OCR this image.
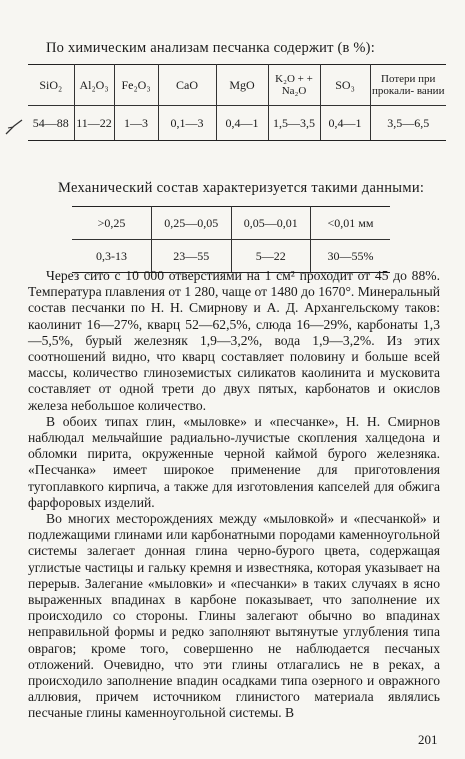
По химическим анализам песчанка содержит (в %):
SiO₂	Al₂O₃	Fe₂O₃	CaO	MgO	K₂O + + Na₂O	SO₃	Потери при прокали- вании
54—88	11—22	1—3	0,1—3	0,4—1	1,5—3,5	0,4—1	3,5—6,5
Механический состав характеризуется такими данными:
>0,25	0,25—0,05	0,05—0,01	<0,01 мм
0,3-13	23—55	5—22	30—55%

Через сито с 10 000 отверстиями на 1 см² проходит от 45 до 88%. Температура плавления от 1 280, чаще от 1480 до 1670°. Минеральный состав песчанки по Н. Н. Смирнову и А. Д. Архангельскому таков: каолинит 16—27%, кварц 52—62,5%, слюда 16—29%, карбонаты 1,3—5,5%, бурый железняк 1,9—3,2%, вода 1,9—3,2%. Из этих соотношений видно, что кварц составляет половину и больше всей массы, количество глиноземистых силикатов каолинита и мусковита составляет от одной трети до двух пятых, карбонатов и окислов железа небольшое количество.

В обоих типах глин, «мыловке» и «песчанке», Н. Н. Смирнов наблюдал мельчайшие радиально-лучистые скопления халцедона и обломки пирита, окруженные черной каймой бурого железняка. «Песчанка» имеет широкое применение для приготовления тугоплавкого кирпича, а также для изготовления капселей для обжига фарфоровых изделий.

Во многих месторождениях между «мыловкой» и «песчанкой» и подлежащими глинами или карбонатными породами каменноугольной системы залегает донная глина черно-бурого цвета, содержащая углистые частицы и гальку кремня и известняка, которая указывает на перерыв. Залегание «мыловки» и «песчанки» в таких случаях в ясно выраженных впадинах в карбоне показывает, что заполнение их происходило со стороны. Глины залегают обычно во впадинах неправильной формы и редко заполняют вытянутые углубления типа оврагов; кроме того, совершенно не наблюдается песчаных отложений. Очевидно, что эти глины отлагались не в реках, а происходило заполнение впадин осадками типа озерного и овражного аллювия, причем источником глинистого материала являлись песчаные глины каменноугольной системы. В

201
